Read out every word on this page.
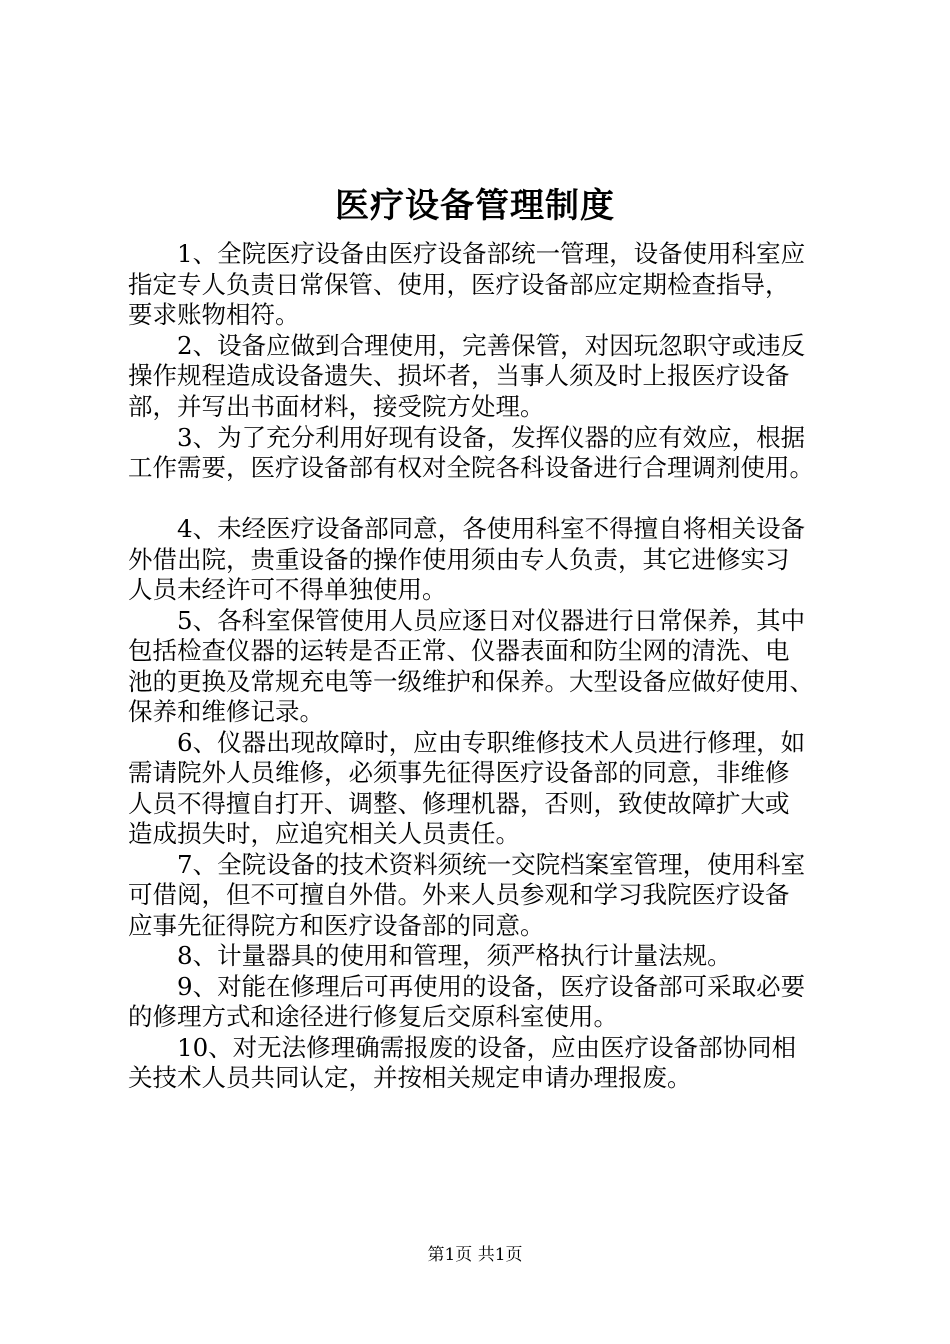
医疗设备管理制度
　　1、全院医疗设备由医疗设备部统一管理，设备使用科室应
指定专人负责日常保管、使用，医疗设备部应定期检查指导，
要求账物相符。
　　2、设备应做到合理使用，完善保管，对因玩忽职守或违反
操作规程造成设备遗失、损坏者，当事人须及时上报医疗设备
部，并写出书面材料，接受院方处理。
　　3、为了充分利用好现有设备，发挥仪器的应有效应，根据
工作需要，医疗设备部有权对全院各科设备进行合理调剂使用。
　　4、未经医疗设备部同意，各使用科室不得擅自将相关设备
外借出院，贵重设备的操作使用须由专人负责，其它进修实习
人员未经许可不得单独使用。
　　5、各科室保管使用人员应逐日对仪器进行日常保养，其中
包括检查仪器的运转是否正常、仪器表面和防尘网的清洗、电
池的更换及常规充电等一级维护和保养。大型设备应做好使用、
保养和维修记录。
　　6、仪器出现故障时，应由专职维修技术人员进行修理，如
需请院外人员维修，必须事先征得医疗设备部的同意，非维修
人员不得擅自打开、调整、修理机器，否则，致使故障扩大或
造成损失时，应追究相关人员责任。
　　7、全院设备的技术资料须统一交院档案室管理，使用科室
可借阅，但不可擅自外借。外来人员参观和学习我院医疗设备
应事先征得院方和医疗设备部的同意。
　　8、计量器具的使用和管理，须严格执行计量法规。
　　9、对能在修理后可再使用的设备，医疗设备部可采取必要
的修理方式和途径进行修复后交原科室使用。
　　10、对无法修理确需报废的设备，应由医疗设备部协同相
关技术人员共同认定，并按相关规定申请办理报废。
第1页 共1页
